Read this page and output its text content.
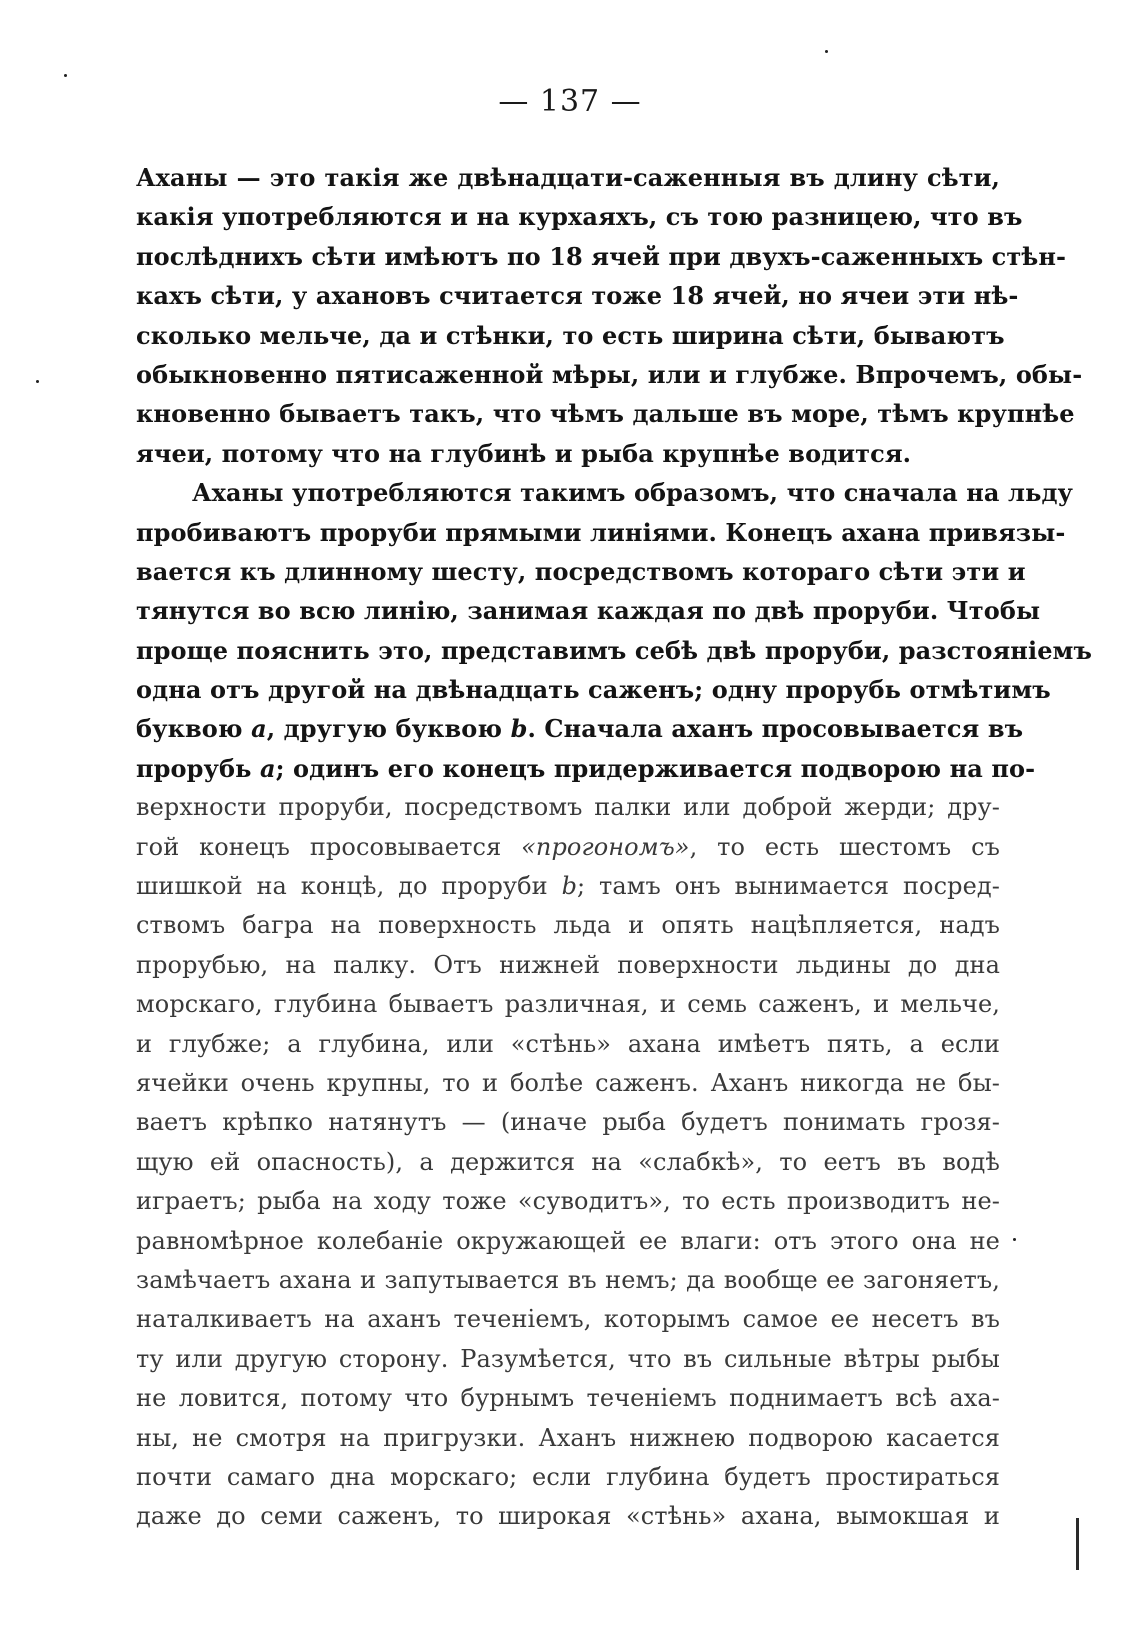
— 137 —
Аханы — это такія же двѣнадцати-саженныя въ длину сѣти,
какія употребляются и на курхаяхъ, съ тою разницею, что въ
послѣднихъ сѣти имѣютъ по 18 ячей при двухъ-саженныхъ стѣн-
кахъ сѣти, у ахановъ считается тоже 18 ячей, но ячеи эти нѣ-
сколько мельче, да и стѣнки, то есть ширина сѣти, бываютъ
обыкновенно пятисаженной мѣры, или и глубже. Впрочемъ, обы-
кновенно бываетъ такъ, что чѣмъ дальше въ море, тѣмъ крупнѣе
ячеи, потому что на глубинѣ и рыба крупнѣе водится.
Аханы употребляются такимъ образомъ, что сначала на льду
пробиваютъ проруби прямыми линіями. Конецъ ахана привязы-
вается къ длинному шесту, посредствомъ котораго сѣти эти и
тянутся во всю линію, занимая каждая по двѣ проруби. Чтобы
проще пояснить это, представимъ себѣ двѣ проруби, разстояніемъ
одна отъ другой на двѣнадцать саженъ; одну прорубь отмѣтимъ
буквою a, другую буквою b. Сначала аханъ просовывается въ
прорубь a; одинъ его конецъ придерживается подворою на по-
верхности проруби, посредствомъ палки или доброй жерди; дру-
гой конецъ просовывается «прогономъ», то есть шестомъ съ
шишкой на концѣ, до проруби b; тамъ онъ вынимается посред-
ствомъ багра на поверхность льда и опять нацѣпляется, надъ
прорубью, на палку. Отъ нижней поверхности льдины до дна
морскаго, глубина бываетъ различная, и семь саженъ, и мельче,
и глубже; а глубина, или «стѣнь» ахана имѣетъ пять, а если
ячейки очень крупны, то и болѣе саженъ. Аханъ никогда не бы-
ваетъ крѣпко натянутъ — (иначе рыба будетъ понимать грозя-
щую ей опасность), а держится на «слабкѣ», то еетъ въ водѣ
играетъ; рыба на ходу тоже «суводитъ», то есть производитъ не-
равномѣрное колебаніе окружающей ее влаги: отъ этого она не
замѣчаетъ ахана и запутывается въ немъ; да вообще ее загоняетъ,
наталкиваетъ на аханъ теченіемъ, которымъ самое ее несетъ въ
ту или другую сторону. Разумѣется, что въ сильные вѣтры рыбы
не ловится, потому что бурнымъ теченіемъ поднимаетъ всѣ аха-
ны, не смотря на пригрузки. Аханъ нижнею подворою касается
почти самаго дна морскаго; если глубина будетъ простираться
даже до семи саженъ, то широкая «стѣнь» ахана, вымокшая и
